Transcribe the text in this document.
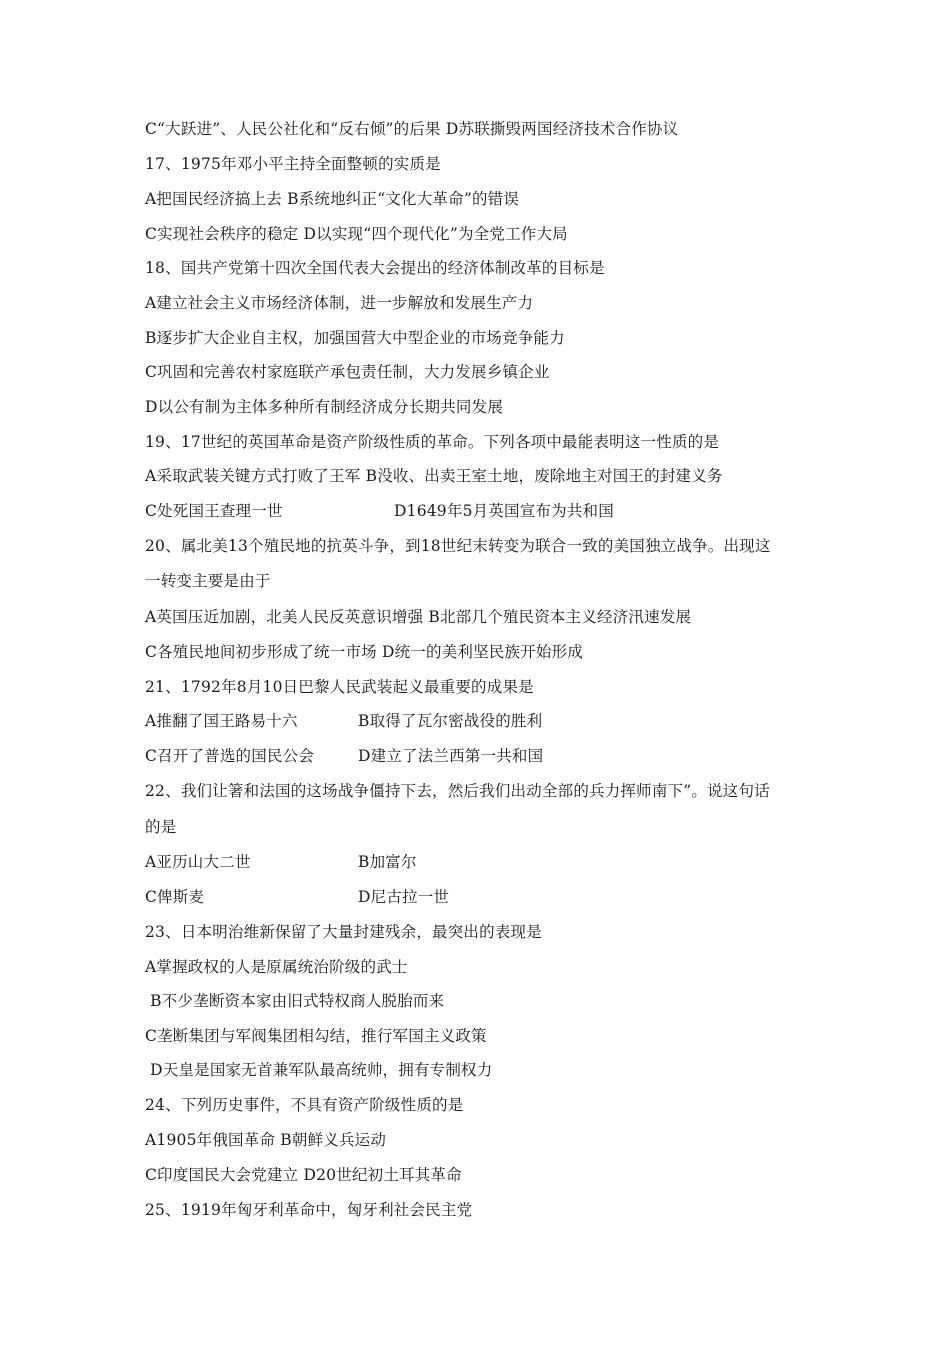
C“大跃进”、人民公社化和“反右倾”的后果 D苏联撕毁两国经济技术合作协议
17、1975年邓小平主持全面整顿的实质是
A把国民经济搞上去 B系统地纠正“文化大革命”的错误
C实现社会秩序的稳定 D以实现“四个现代化”为全党工作大局
18、国共产党第十四次全国代表大会提出的经济体制改革的目标是
A建立社会主义市场经济体制，进一步解放和发展生产力
B逐步扩大企业自主权，加强国营大中型企业的市场竞争能力
C巩固和完善农村家庭联产承包责任制，大力发展乡镇企业
D以公有制为主体多种所有制经济成分长期共同发展
19、17世纪的英国革命是资产阶级性质的革命。下列各项中最能表明这一性质的是
A采取武装关键方式打败了王军 B没收、出卖王室土地，废除地主对国王的封建义务
C处死国王查理一世	D1649年5月英国宣布为共和国
20、属北美13个殖民地的抗英斗争，到18世纪末转变为联合一致的美国独立战争。出现这
一转变主要是由于
A英国压近加剧，北美人民反英意识增强 B北部几个殖民资本主义经济汛速发展
C各殖民地间初步形成了统一市场 D统一的美利坚民族开始形成
21、1792年8月10日巴黎人民武装起义最重要的成果是
A推翻了国王路易十六	B取得了瓦尔密战役的胜利
C召开了普选的国民公会	D建立了法兰西第一共和国
22、我们让箸和法国的这场战争僵持下去，然后我们出动全部的兵力挥师南下”。说这句话
的是
A亚历山大二世	B加富尔
C俾斯麦	D尼古拉一世
23、日本明治维新保留了大量封建残余，最突出的表现是
A掌握政权的人是原属统治阶级的武士
B不少垄断资本家由旧式特权商人脱胎而来
C垄断集团与军阀集团相勾结，推行军国主义政策
D天皇是国家无首兼军队最高统帅，拥有专制权力
24、下列历史事件，不具有资产阶级性质的是
A1905年俄国革命 B朝鲜义兵运动
C印度国民大会党建立 D20世纪初土耳其革命
25、1919年匈牙利革命中，匈牙利社会民主党
